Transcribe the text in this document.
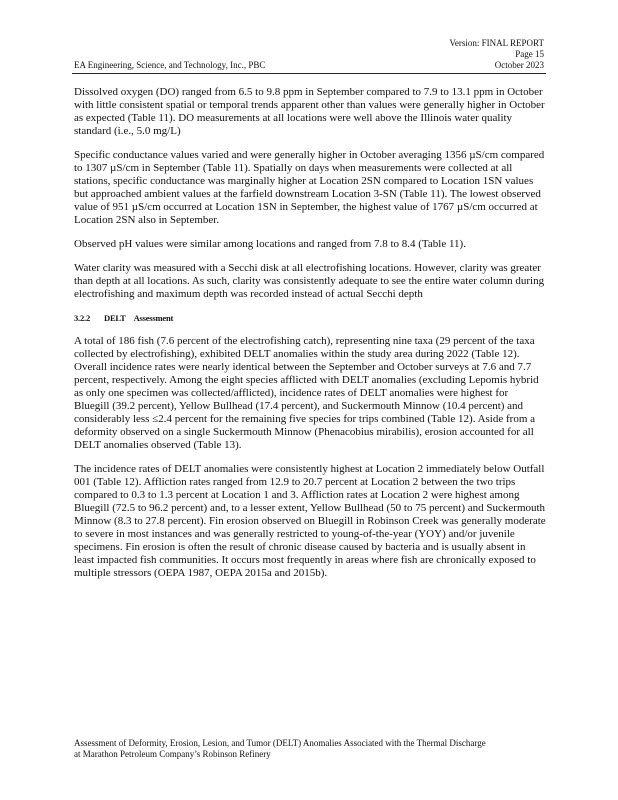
Version: FINAL REPORT
Page 15
October 2023
EA Engineering, Science, and Technology, Inc., PBC

Dissolved oxygen (DO) ranged from 6.5 to 9.8 ppm in September compared to 7.9 to 13.1 ppm in October with little consistent spatial or temporal trends apparent other than values were generally higher in October as expected (Table 11). DO measurements at all locations were well above the Illinois water quality standard (i.e., 5.0 mg/L)

Specific conductance values varied and were generally higher in October averaging 1356 µS/cm compared to 1307 µS/cm in September (Table 11). Spatially on days when measurements were collected at all stations, specific conductance was marginally higher at Location 2SN compared to Location 1SN values but approached ambient values at the farfield downstream Location 3-SN (Table 11). The lowest observed value of 951 µS/cm occurred at Location 1SN in September, the highest value of 1767 µS/cm occurred at Location 2SN also in September.

Observed pH values were similar among locations and ranged from 7.8 to 8.4 (Table 11).

Water clarity was measured with a Secchi disk at all electrofishing locations. However, clarity was greater than depth at all locations. As such, clarity was consistently adequate to see the entire water column during electrofishing and maximum depth was recorded instead of actual Secchi depth

3.2.2 DELT Assessment

A total of 186 fish (7.6 percent of the electrofishing catch), representing nine taxa (29 percent of the taxa collected by electrofishing), exhibited DELT anomalies within the study area during 2022 (Table 12). Overall incidence rates were nearly identical between the September and October surveys at 7.6 and 7.7 percent, respectively. Among the eight species afflicted with DELT anomalies (excluding Lepomis hybrid as only one specimen was collected/afflicted), incidence rates of DELT anomalies were highest for Bluegill (39.2 percent), Yellow Bullhead (17.4 percent), and Suckermouth Minnow (10.4 percent) and considerably less ≤2.4 percent for the remaining five species for trips combined (Table 12). Aside from a deformity observed on a single Suckermouth Minnow (Phenacobius mirabilis), erosion accounted for all DELT anomalies observed (Table 13).

The incidence rates of DELT anomalies were consistently highest at Location 2 immediately below Outfall 001 (Table 12). Affliction rates ranged from 12.9 to 20.7 percent at Location 2 between the two trips compared to 0.3 to 1.3 percent at Location 1 and 3. Affliction rates at Location 2 were highest among Bluegill (72.5 to 96.2 percent) and, to a lesser extent, Yellow Bullhead (50 to 75 percent) and Suckermouth Minnow (8.3 to 27.8 percent). Fin erosion observed on Bluegill in Robinson Creek was generally moderate to severe in most instances and was generally restricted to young-of-the-year (YOY) and/or juvenile specimens. Fin erosion is often the result of chronic disease caused by bacteria and is usually absent in least impacted fish communities. It occurs most frequently in areas where fish are chronically exposed to multiple stressors (OEPA 1987, OEPA 2015a and 2015b).

Assessment of Deformity, Erosion, Lesion, and Tumor (DELT) Anomalies Associated with the Thermal Discharge
at Marathon Petroleum Company’s Robinson Refinery
